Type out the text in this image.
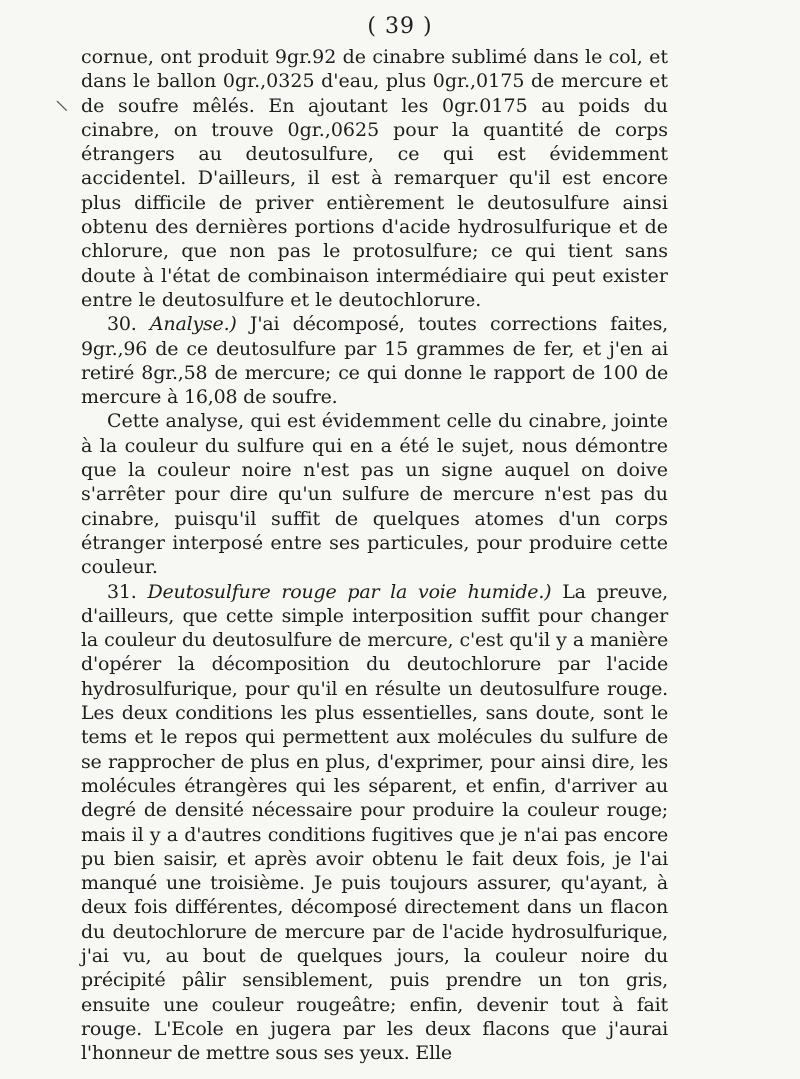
( 39 )
\
cornue, ont produit 9gr.92 de cinabre sublimé dans le col, et dans le ballon 0gr.,0325 d'eau, plus 0gr.,0175 de mercure et de soufre mêlés. En ajoutant les 0gr.0175 au poids du cinabre, on trouve 0gr.,0625 pour la quantité de corps étrangers au deutosulfure, ce qui est évidemment accidentel. D'ailleurs, il est à remarquer qu'il est encore plus difficile de priver entièrement le deutosulfure ainsi obtenu des dernières portions d'acide hydrosulfurique et de chlorure, que non pas le protosulfure; ce qui tient sans doute à l'état de combinaison intermédiaire qui peut exister entre le deutosulfure et le deutochlorure.
30. Analyse.) J'ai décomposé, toutes corrections faites, 9gr.,96 de ce deutosulfure par 15 grammes de fer, et j'en ai retiré 8gr.,58 de mercure; ce qui donne le rapport de 100 de mercure à 16,08 de soufre.
Cette analyse, qui est évidemment celle du cinabre, jointe à la couleur du sulfure qui en a été le sujet, nous démontre que la couleur noire n'est pas un signe auquel on doive s'arrêter pour dire qu'un sulfure de mercure n'est pas du cinabre, puisqu'il suffit de quelques atomes d'un corps étranger interposé entre ses particules, pour produire cette couleur.
31. Deutosulfure rouge par la voie humide.) La preuve, d'ailleurs, que cette simple interposition suffit pour changer la couleur du deutosulfure de mercure, c'est qu'il y a manière d'opérer la décomposition du deutochlorure par l'acide hydrosulfurique, pour qu'il en résulte un deutosulfure rouge. Les deux conditions les plus essentielles, sans doute, sont le tems et le repos qui permettent aux molécules du sulfure de se rapprocher de plus en plus, d'exprimer, pour ainsi dire, les molécules étrangères qui les séparent, et enfin, d'arriver au degré de densité nécessaire pour produire la couleur rouge; mais il y a d'autres conditions fugitives que je n'ai pas encore pu bien saisir, et après avoir obtenu le fait deux fois, je l'ai manqué une troisième. Je puis toujours assurer, qu'ayant, à deux fois différentes, décomposé directement dans un flacon du deutochlorure de mercure par de l'acide hydrosulfurique, j'ai vu, au bout de quelques jours, la couleur noire du précipité pâlir sensiblement, puis prendre un ton gris, ensuite une couleur rougeâtre; enfin, devenir tout à fait rouge. L'Ecole en jugera par les deux flacons que j'aurai l'honneur de mettre sous ses yeux. Elle
